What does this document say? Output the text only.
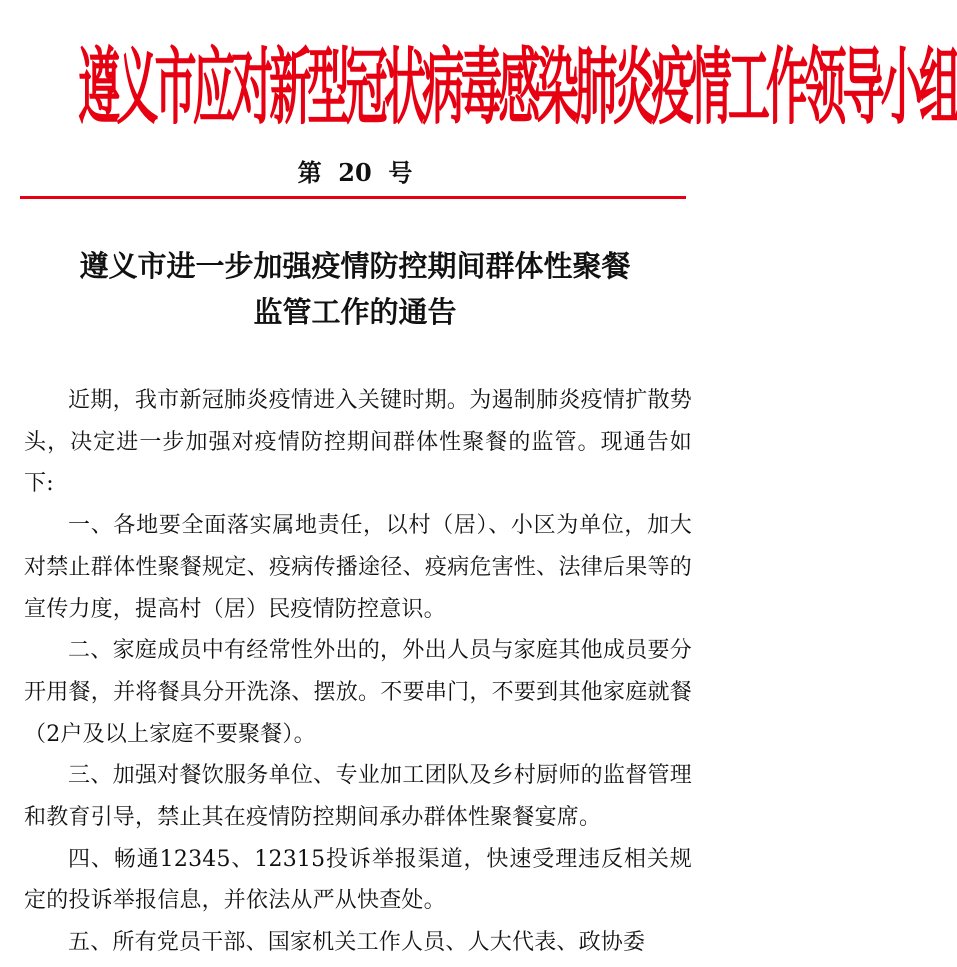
遵义市应对新型冠状病毒感染肺炎疫情工作领导小组
第  20  号
遵义市进一步加强疫情防控期间群体性聚餐
监管工作的通告

近期，我市新冠肺炎疫情进入关键时期。为遏制肺炎疫情扩散势头，决定进一步加强对疫情防控期间群体性聚餐的监管。现通告如下:

一、各地要全面落实属地责任，以村（居）、小区为单位，加大对禁止群体性聚餐规定、疫病传播途径、疫病危害性、法律后果等的宣传力度，提高村（居）民疫情防控意识。

二、家庭成员中有经常性外出的，外出人员与家庭其他成员要分开用餐，并将餐具分开洗涤、摆放。不要串门，不要到其他家庭就餐（2户及以上家庭不要聚餐）。

三、加强对餐饮服务单位、专业加工团队及乡村厨师的监督管理和教育引导，禁止其在疫情防控期间承办群体性聚餐宴席。

四、畅通12345、12315投诉举报渠道，快速受理违反相关规定的投诉举报信息，并依法从严从快查处。

五、所有党员干部、国家机关工作人员、人大代表、政协委
